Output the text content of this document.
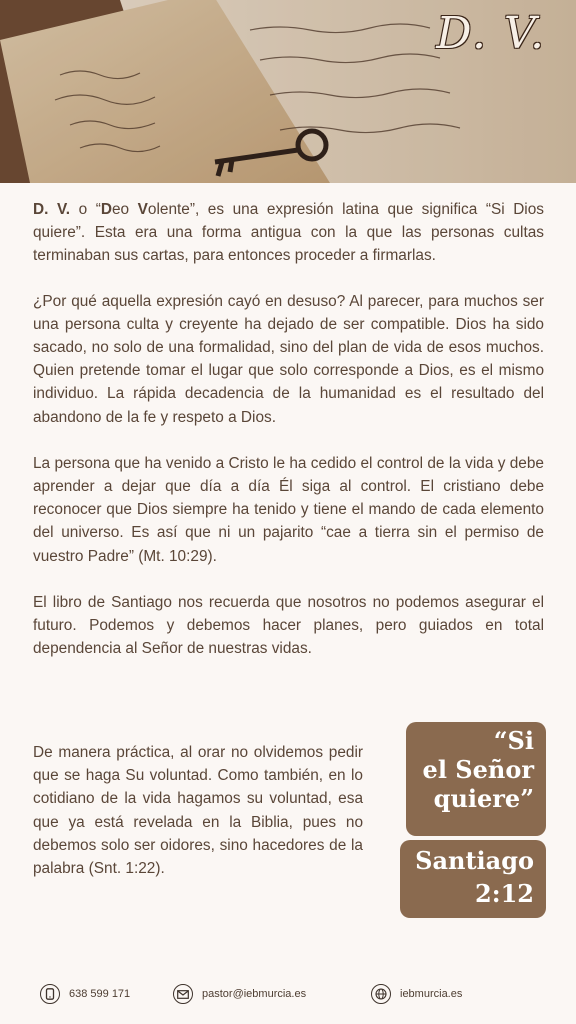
D. V.

D. V. o “Deo Volente”, es una expresión latina que significa “Si Dios quiere”. Esta era una forma antigua con la que las personas cultas terminaban sus cartas, para entonces proceder a firmarlas.

¿Por qué aquella expresión cayó en desuso? Al parecer, para muchos ser una persona culta y creyente ha dejado de ser compatible. Dios ha sido sacado, no solo de una formalidad, sino del plan de vida de esos muchos. Quien pretende tomar el lugar que solo corresponde a Dios, es el mismo individuo. La rápida decadencia de la humanidad es el resultado del abandono de la fe y respeto a Dios.

La persona que ha venido a Cristo le ha cedido el control de la vida y debe aprender a dejar que día a día Él siga al control. El cristiano debe reconocer que Dios siempre ha tenido y tiene el mando de cada elemento del universo. Es así que ni un pajarito “cae a tierra sin el permiso de vuestro Padre” (Mt. 10:29).

El libro de Santiago nos recuerda que nosotros no podemos asegurar el futuro. Podemos y debemos hacer planes, pero guiados en total dependencia al Señor de nuestras vidas.

De manera práctica, al orar no olvidemos pedir que se haga Su voluntad. Como también, en lo cotidiano de la vida hagamos su voluntad, esa que ya está revelada en la Biblia, pues no debemos solo ser oidores, sino hacedores de la palabra (Snt. 1:22).
“Si
el Señor
quiere”
Santiago
2:12
638 599 171	pastor@iebmurcia.es	iebmurcia.es
